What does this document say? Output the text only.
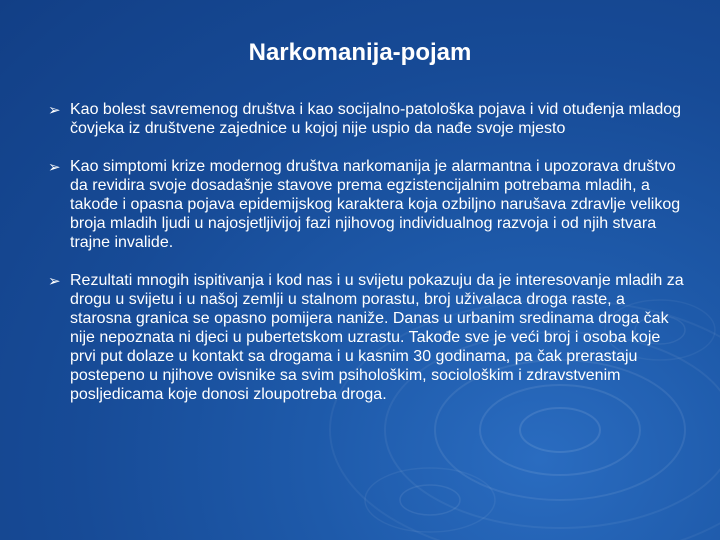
Narkomanija-pojam
➢ Kao bolest savremenog društva i kao socijalno-patološka pojava i vid otuđenja mladog čovjeka iz društvene zajednice u kojoj nije uspio da nađe svoje mjesto
➢ Kao simptomi krize modernog društva narkomanija je alarmantna i upozorava društvo da revidira svoje dosadašnje stavove prema egzistencijalnim potrebama mladih, a takođe i opasna pojava epidemijskog karaktera koja ozbiljno narušava zdravlje velikog broja mladih ljudi u najosjetljivijoj fazi njihovog individualnog razvoja i od njih stvara trajne invalide.
➢ Rezultati mnogih ispitivanja i kod nas i u svijetu pokazuju da je interesovanje mladih za drogu u svijetu i u našoj zemlji u stalnom porastu, broj uživalaca droga raste, a starosna granica se opasno pomijera naniže. Danas u urbanim sredinama droga čak nije nepoznata ni djeci u pubertetskom uzrastu. Takođe sve je veći broj i osoba koje prvi put dolaze u kontakt sa drogama i u kasnim 30 godinama, pa čak prerastaju postepeno u njihove ovisnike sa svim psihološkim, sociološkim i zdravstvenim posljedicama koje donosi zloupotreba droga.
